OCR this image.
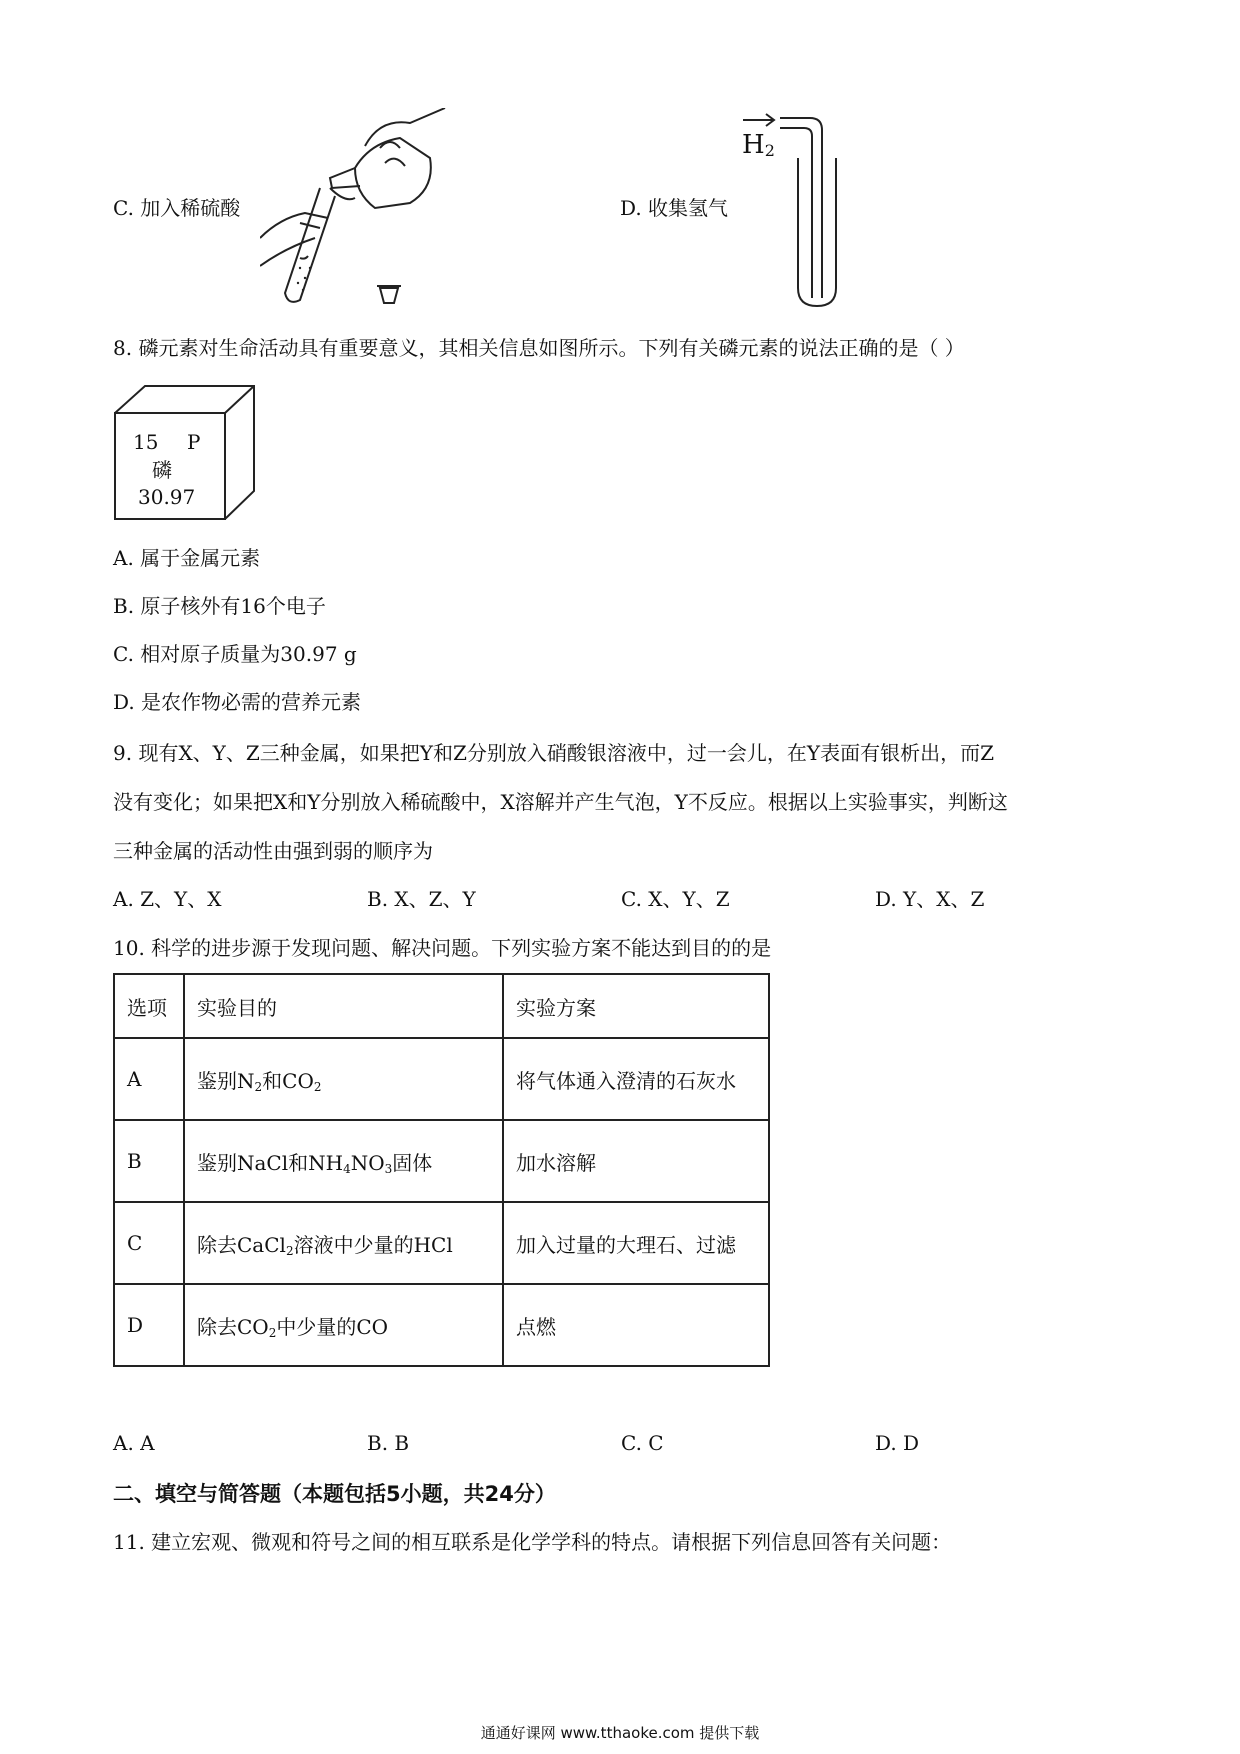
C. 加入稀硫酸	D. 收集氢气
$H_2$
8. 磷元素对生命活动具有重要意义，其相关信息如图所示。下列有关磷元素的说法正确的是（ ）
15 P
磷
30.97
A. 属于金属元素
B. 原子核外有16个电子
C. 相对原子质量为30.97 g
D. 是农作物必需的营养元素
9. 现有X、Y、Z三种金属，如果把Y和Z分别放入硝酸银溶液中，过一会儿，在Y表面有银析出，而Z
没有变化；如果把X和Y分别放入稀硫酸中，X溶解并产生气泡，Y不反应。根据以上实验事实，判断这
三种金属的活动性由强到弱的顺序为
A. Z、Y、X	B. X、Z、Y	C. X、Y、Z	D. Y、X、Z
10. 科学的进步源于发现问题、解决问题。下列实验方案不能达到目的的是
选项	实验目的	实验方案
A	鉴别$N_2$和$CO_2$	将气体通入澄清的石灰水
B	鉴别NaCl和$NH_4NO_3$固体	加水溶解
C	除去CaCl$_2$溶液中少量的HCl	加入过量的大理石、过滤
D	除去$CO_2$中少量的CO	点燃
A. A	B. B	C. C	D. D
二、填空与简答题（本题包括5小题，共24分）
11. 建立宏观、微观和符号之间的相互联系是化学学科的特点。请根据下列信息回答有关问题：
通通好课网 www.tthaoke.com 提供下载
